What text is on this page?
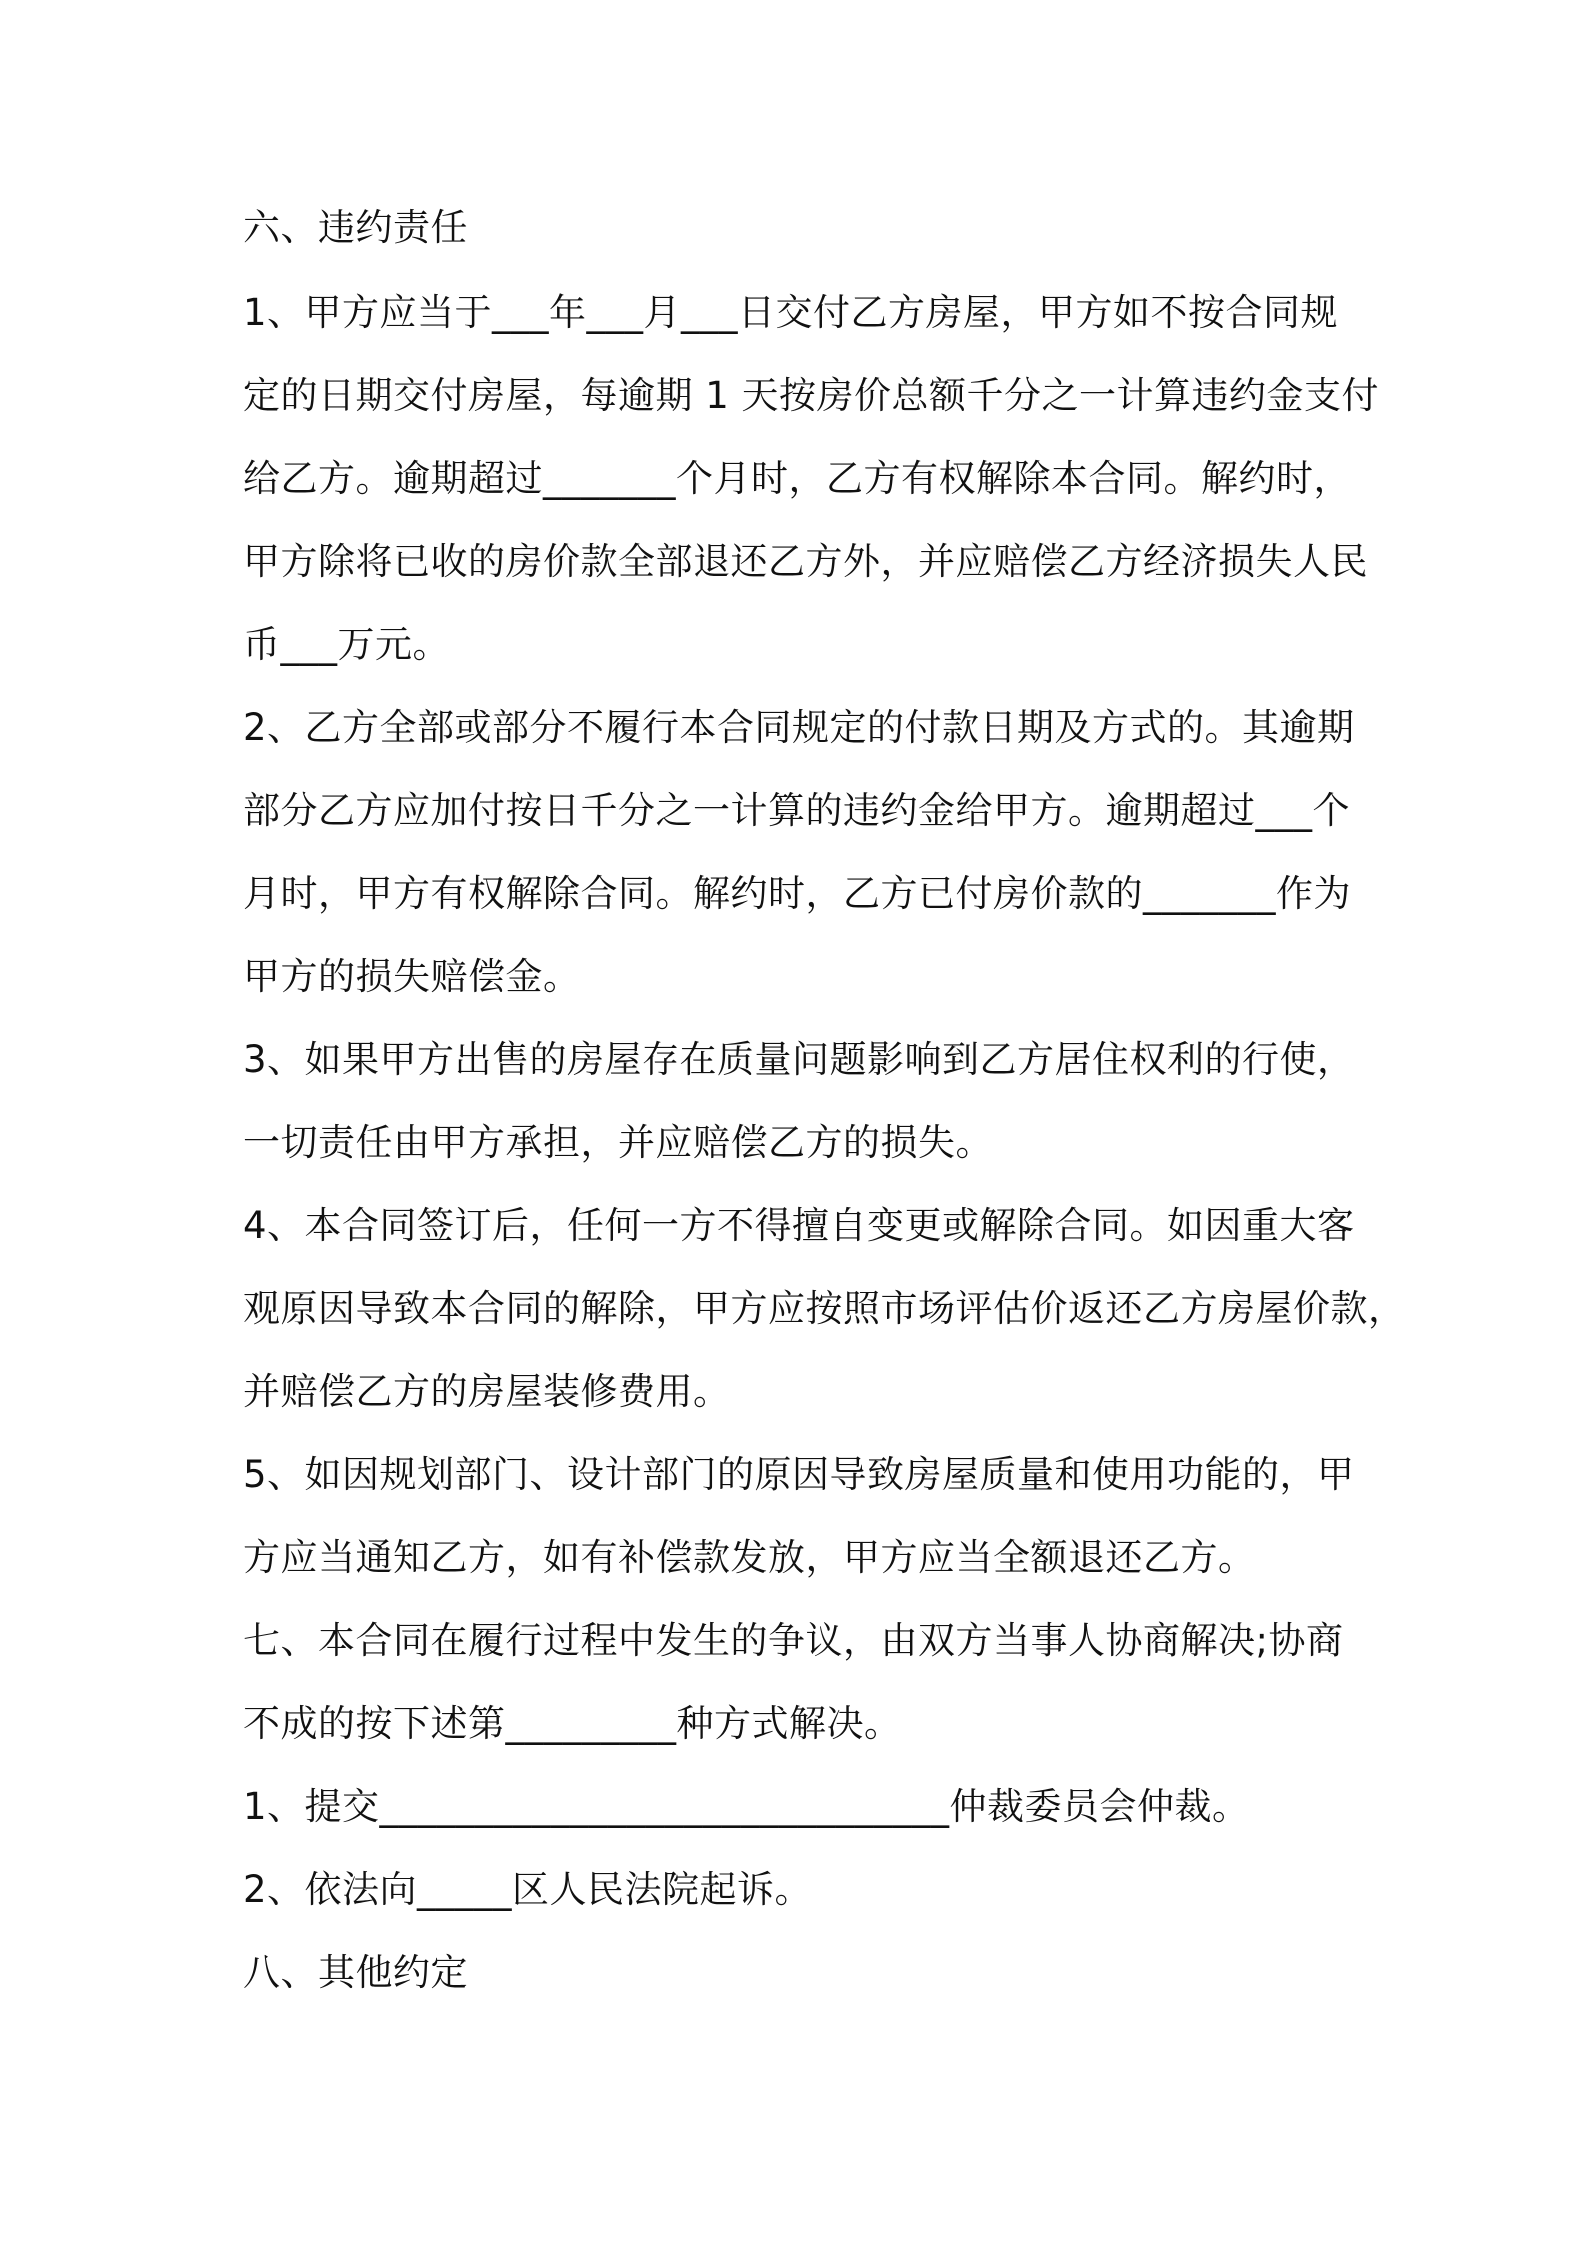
六、违约责任

1、甲方应当于___年___月___日交付乙方房屋，甲方如不按合同规

定的日期交付房屋，每逾期 1 天按房价总额千分之一计算违约金支付

给乙方。逾期超过_______个月时，乙方有权解除本合同。解约时，

甲方除将已收的房价款全部退还乙方外，并应赔偿乙方经济损失人民

币___万元。

2、乙方全部或部分不履行本合同规定的付款日期及方式的。其逾期

部分乙方应加付按日千分之一计算的违约金给甲方。逾期超过___个

月时，甲方有权解除合同。解约时，乙方已付房价款的_______作为

甲方的损失赔偿金。

3、如果甲方出售的房屋存在质量问题影响到乙方居住权利的行使，

一切责任由甲方承担，并应赔偿乙方的损失。

4、本合同签订后，任何一方不得擅自变更或解除合同。如因重大客

观原因导致本合同的解除，甲方应按照市场评估价返还乙方房屋价款，

并赔偿乙方的房屋装修费用。

5、如因规划部门、设计部门的原因导致房屋质量和使用功能的，甲

方应当通知乙方，如有补偿款发放，甲方应当全额退还乙方。

七、本合同在履行过程中发生的争议，由双方当事人协商解决;协商

不成的按下述第_________种方式解决。

1、提交______________________________仲裁委员会仲裁。

2、依法向_____区人民法院起诉。

八、其他约定
